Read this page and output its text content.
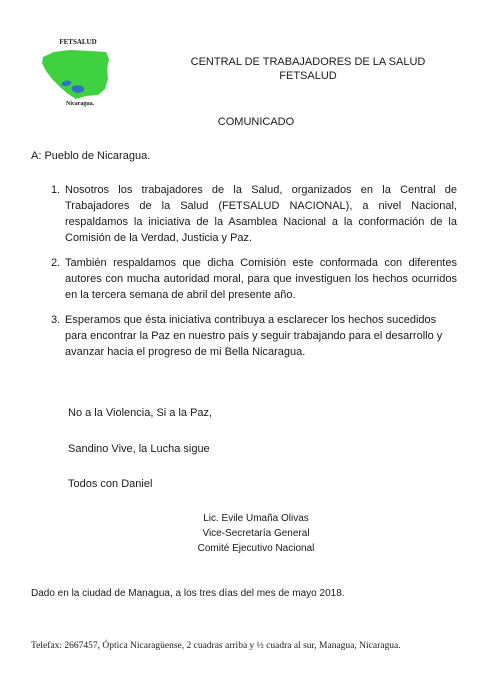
FETSALUD
Nicaragua.
CENTRAL DE TRABAJADORES DE LA SALUD
FETSALUD
COMUNICADO
A: Pueblo de Nicaragua.
1. Nosotros los trabajadores de la Salud, organizados en la Central de Trabajadores de la Salud (FETSALUD NACIONAL), a nivel Nacional, respaldamos la iniciativa de la Asamblea Nacional a la conformación de la Comisión de la Verdad, Justicia y Paz.
2. También respaldamos que dicha Comisión este conformada con diferentes autores con mucha autoridad moral, para que investiguen los hechos ocurridos en la tercera semana de abril del presente año.
3. Esperamos que ésta iniciativa contribuya a esclarecer los hechos sucedidos para encontrar la Paz en nuestro país y seguir trabajando para el desarrollo y avanzar hacia el progreso de mi Bella Nicaragua.
No a la Violencia, Si a la Paz,
Sandino Vive, la Lucha sigue
Todos con Daniel
Lic. Evile Umaña Olivas
Vice-Secretaría General
Comité Ejecutivo Nacional
Dado en la ciudad de Managua, a los tres días del mes de mayo 2018.
Telefax: 2667457, Óptica Nicaragüense, 2 cuadras arriba y ½ cuadra al sur, Managua, Nicaragua.
